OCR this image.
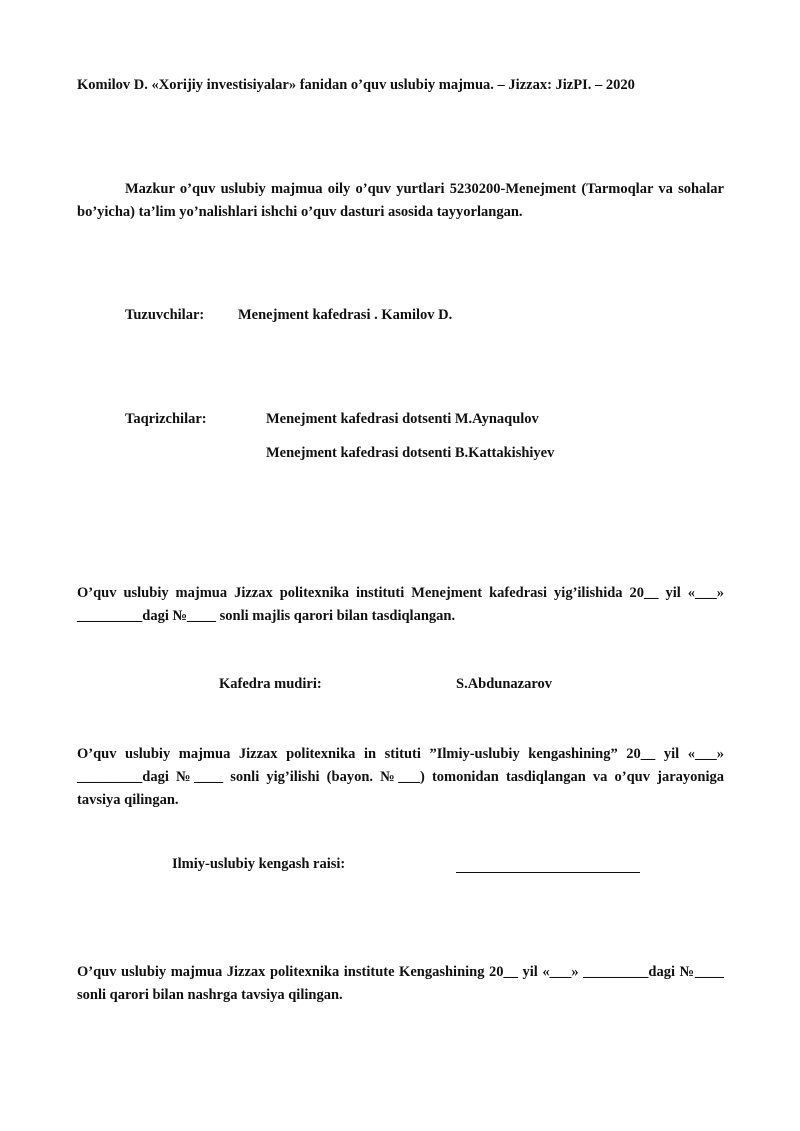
Komilov D. «Xorijiy investisiyalar» fanidan o’quv uslubiy majmua. – Jizzax: JizPI. – 2020
Mazkur o’quv uslubiy majmua oily o’quv yurtlari 5230200-Menejment (Tarmoqlar va sohalar bo’yicha) ta’lim yo’nalishlari ishchi o’quv dasturi asosida tayyorlangan.
Tuzuvchilar: Menejment kafedrasi . Kamilov D.
Taqrizchilar:	Menejment kafedrasi dotsenti M.Aynaqulov
Menejment kafedrasi dotsenti B.Kattakishiyev
O’quv uslubiy majmua Jizzax politexnika instituti Menejment kafedrasi yig’ilishida 20__ yil «___» _________dagi №____ sonli majlis qarori bilan tasdiqlangan.
Kafedra mudiri:	S.Abdunazarov
O’quv uslubiy majmua Jizzax politexnika in stituti ”Ilmiy-uslubiy kengashining” 20__ yil «___» _________dagi №____ sonli yig’ilishi (bayon. №___) tomonidan tasdiqlangan va o’quv jarayoniga tavsiya qilingan.
Ilmiy-uslubiy kengash raisi:
O’quv uslubiy majmua Jizzax politexnika institute Kengashining 20__ yil «___» _________dagi №____ sonli qarori bilan nashrga tavsiya qilingan.
